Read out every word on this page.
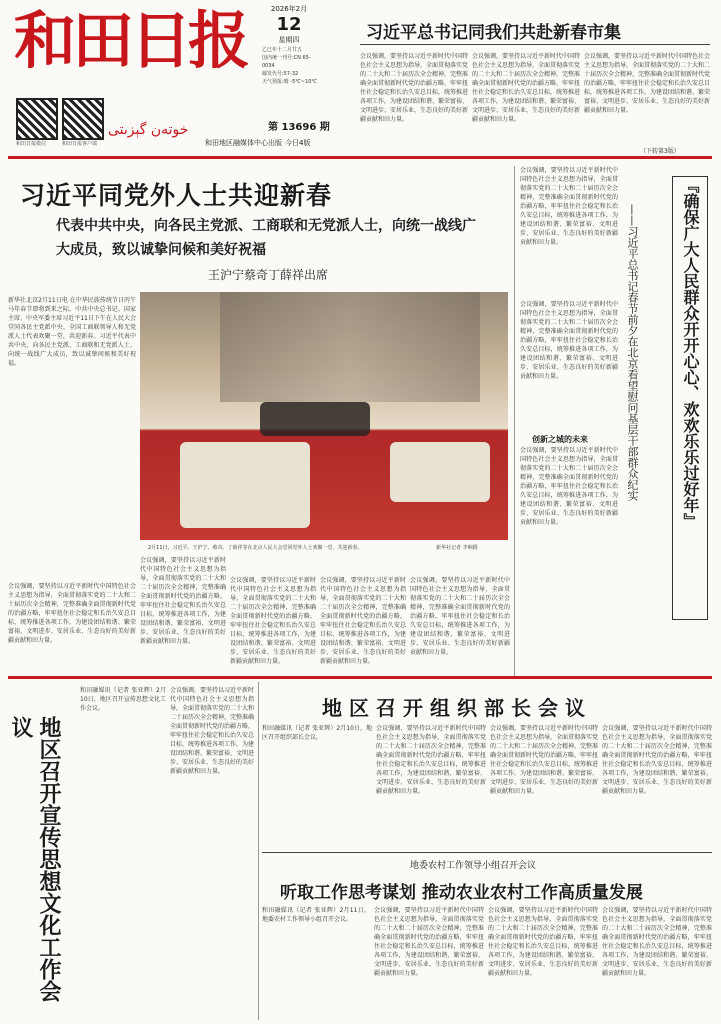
和田日报
خوتەن گېزىتى
和田日报微信	和田日报客户端
2026年2月
12
星期四
乙巳年十二月廿五
国内统一刊号:CN 65-0034
邮发代号:57-32
天气预报:晴 -5℃~10℃
第 13696 期
和田地区融媒体中心出版 今日4版
习近平总书记同我们共赴新春市集
会议强调，要坚持以习近平新时代中国特色社会主义思想为指导，全面贯彻落实党的二十大和二十届历次全会精神，完整准确全面贯彻新时代党的治疆方略，牢牢扭住社会稳定和长治久安总目标，统筹推进各项工作，为建设团结和谐、繁荣富裕、文明进步、安居乐业、生态良好的美好新疆贡献和田力量。
会议强调，要坚持以习近平新时代中国特色社会主义思想为指导，全面贯彻落实党的二十大和二十届历次全会精神，完整准确全面贯彻新时代党的治疆方略，牢牢扭住社会稳定和长治久安总目标，统筹推进各项工作，为建设团结和谐、繁荣富裕、文明进步、安居乐业、生态良好的美好新疆贡献和田力量。
会议强调，要坚持以习近平新时代中国特色社会主义思想为指导，全面贯彻落实党的二十大和二十届历次全会精神，完整准确全面贯彻新时代党的治疆方略，牢牢扭住社会稳定和长治久安总目标，统筹推进各项工作，为建设团结和谐、繁荣富裕、文明进步、安居乐业、生态良好的美好新疆贡献和田力量。
（下转第3版）
习近平同党外人士共迎新春
代表中共中央，向各民主党派、工商联和无党派人士，向统一战线广大成员，致以诚挚问候和美好祝福
王沪宁蔡奇丁薛祥出席
新华社北京2月11日电 在中华民族传统节日丙午马年春节即将到来之际，中共中央总书记、国家主席、中央军委主席习近平11日下午在人民大会堂同各民主党派中央、全国工商联领导人和无党派人士代表欢聚一堂，共迎新春。习近平代表中共中央，向各民主党派、工商联和无党派人士，向统一战线广大成员，致以诚挚问候和美好祝福。
2月11日，习近平、王沪宁、蔡奇、丁薛祥等在北京人民大会堂同党外人士欢聚一堂，共迎新春。	新华社记者 李响摄
会议强调，要坚持以习近平新时代中国特色社会主义思想为指导，全面贯彻落实党的二十大和二十届历次全会精神，完整准确全面贯彻新时代党的治疆方略，牢牢扭住社会稳定和长治久安总目标，统筹推进各项工作，为建设团结和谐、繁荣富裕、文明进步、安居乐业、生态良好的美好新疆贡献和田力量。
会议强调，要坚持以习近平新时代中国特色社会主义思想为指导，全面贯彻落实党的二十大和二十届历次全会精神，完整准确全面贯彻新时代党的治疆方略，牢牢扭住社会稳定和长治久安总目标，统筹推进各项工作，为建设团结和谐、繁荣富裕、文明进步、安居乐业、生态良好的美好新疆贡献和田力量。
会议强调，要坚持以习近平新时代中国特色社会主义思想为指导，全面贯彻落实党的二十大和二十届历次全会精神，完整准确全面贯彻新时代党的治疆方略，牢牢扭住社会稳定和长治久安总目标，统筹推进各项工作，为建设团结和谐、繁荣富裕、文明进步、安居乐业、生态良好的美好新疆贡献和田力量。
会议强调，要坚持以习近平新时代中国特色社会主义思想为指导，全面贯彻落实党的二十大和二十届历次全会精神，完整准确全面贯彻新时代党的治疆方略，牢牢扭住社会稳定和长治久安总目标，统筹推进各项工作，为建设团结和谐、繁荣富裕、文明进步、安居乐业、生态良好的美好新疆贡献和田力量。
会议强调，要坚持以习近平新时代中国特色社会主义思想为指导，全面贯彻落实党的二十大和二十届历次全会精神，完整准确全面贯彻新时代党的治疆方略，牢牢扭住社会稳定和长治久安总目标，统筹推进各项工作，为建设团结和谐、繁荣富裕、文明进步、安居乐业、生态良好的美好新疆贡献和田力量。
『确保广大人民群众开开心心、欢欢乐乐过好年』
——习近平总书记春节前夕在北京看望慰问基层干部群众纪实
会议强调，要坚持以习近平新时代中国特色社会主义思想为指导，全面贯彻落实党的二十大和二十届历次全会精神，完整准确全面贯彻新时代党的治疆方略，牢牢扭住社会稳定和长治久安总目标，统筹推进各项工作，为建设团结和谐、繁荣富裕、文明进步、安居乐业、生态良好的美好新疆贡献和田力量。
会议强调，要坚持以习近平新时代中国特色社会主义思想为指导，全面贯彻落实党的二十大和二十届历次全会精神，完整准确全面贯彻新时代党的治疆方略，牢牢扭住社会稳定和长治久安总目标，统筹推进各项工作，为建设团结和谐、繁荣富裕、文明进步、安居乐业、生态良好的美好新疆贡献和田力量。
创新之城的未来
会议强调，要坚持以习近平新时代中国特色社会主义思想为指导，全面贯彻落实党的二十大和二十届历次全会精神，完整准确全面贯彻新时代党的治疆方略，牢牢扭住社会稳定和长治久安总目标，统筹推进各项工作，为建设团结和谐、繁荣富裕、文明进步、安居乐业、生态良好的美好新疆贡献和田力量。
地区召开宣传思想文化工作会议
和田融媒讯（记者 张亚辉）2月10日，地区召开宣传思想文化工作会议。
会议强调，要坚持以习近平新时代中国特色社会主义思想为指导，全面贯彻落实党的二十大和二十届历次全会精神，完整准确全面贯彻新时代党的治疆方略，牢牢扭住社会稳定和长治久安总目标，统筹推进各项工作，为建设团结和谐、繁荣富裕、文明进步、安居乐业、生态良好的美好新疆贡献和田力量。
地区召开组织部长会议
和田融媒讯（记者 张亚辉）2月10日，地区召开组织部长会议。
会议强调，要坚持以习近平新时代中国特色社会主义思想为指导，全面贯彻落实党的二十大和二十届历次全会精神，完整准确全面贯彻新时代党的治疆方略，牢牢扭住社会稳定和长治久安总目标，统筹推进各项工作，为建设团结和谐、繁荣富裕、文明进步、安居乐业、生态良好的美好新疆贡献和田力量。
会议强调，要坚持以习近平新时代中国特色社会主义思想为指导，全面贯彻落实党的二十大和二十届历次全会精神，完整准确全面贯彻新时代党的治疆方略，牢牢扭住社会稳定和长治久安总目标，统筹推进各项工作，为建设团结和谐、繁荣富裕、文明进步、安居乐业、生态良好的美好新疆贡献和田力量。
会议强调，要坚持以习近平新时代中国特色社会主义思想为指导，全面贯彻落实党的二十大和二十届历次全会精神，完整准确全面贯彻新时代党的治疆方略，牢牢扭住社会稳定和长治久安总目标，统筹推进各项工作，为建设团结和谐、繁荣富裕、文明进步、安居乐业、生态良好的美好新疆贡献和田力量。
地委农村工作领导小组召开会议
听取工作思考谋划 推动农业农村工作高质量发展
和田融媒讯（记者 张亚辉）2月11日，地委农村工作领导小组召开会议。
会议强调，要坚持以习近平新时代中国特色社会主义思想为指导，全面贯彻落实党的二十大和二十届历次全会精神，完整准确全面贯彻新时代党的治疆方略，牢牢扭住社会稳定和长治久安总目标，统筹推进各项工作，为建设团结和谐、繁荣富裕、文明进步、安居乐业、生态良好的美好新疆贡献和田力量。
会议强调，要坚持以习近平新时代中国特色社会主义思想为指导，全面贯彻落实党的二十大和二十届历次全会精神，完整准确全面贯彻新时代党的治疆方略，牢牢扭住社会稳定和长治久安总目标，统筹推进各项工作，为建设团结和谐、繁荣富裕、文明进步、安居乐业、生态良好的美好新疆贡献和田力量。
会议强调，要坚持以习近平新时代中国特色社会主义思想为指导，全面贯彻落实党的二十大和二十届历次全会精神，完整准确全面贯彻新时代党的治疆方略，牢牢扭住社会稳定和长治久安总目标，统筹推进各项工作，为建设团结和谐、繁荣富裕、文明进步、安居乐业、生态良好的美好新疆贡献和田力量。
